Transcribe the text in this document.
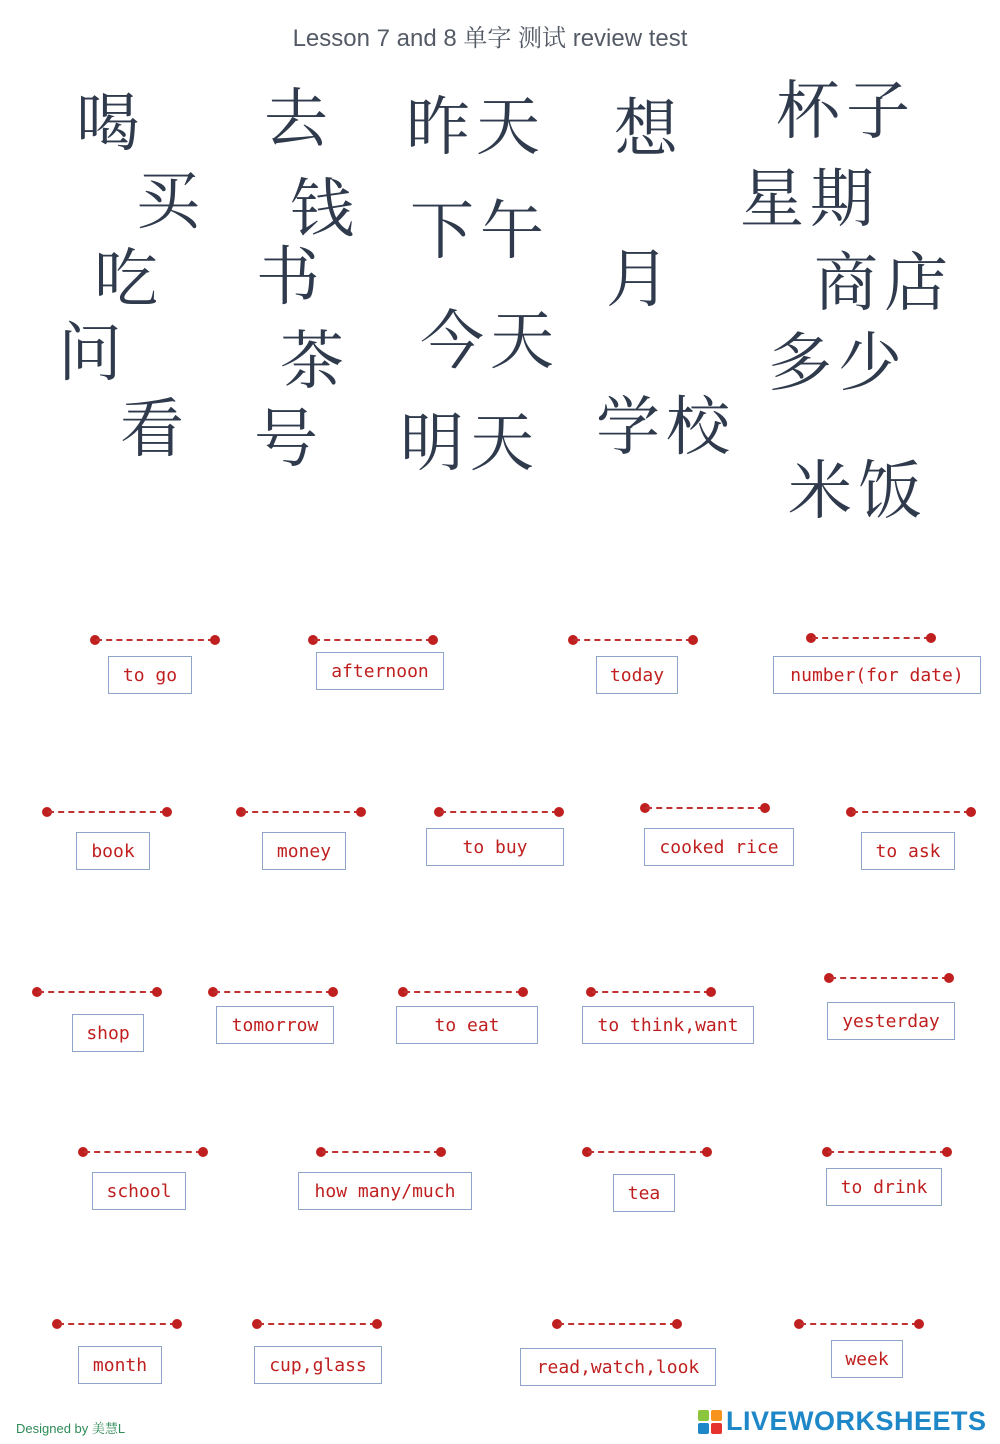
Lesson 7 and 8 单字 测试 review test
喝 去 昨天 想 杯子
买 钱 下午	星期
吃 书	月 商店
问 茶 今天	多少
看 号 明天 学校
米饭
to go	afternoon	today	number(for date)
book	money	to buy	cooked rice	to ask
shop	tomorrow	to eat	to think,want	yesterday
school	how many/much	tea	to drink
month	cup,glass	read,watch,look	week
Designed by 美慧L	LIVEWORKSHEETS
